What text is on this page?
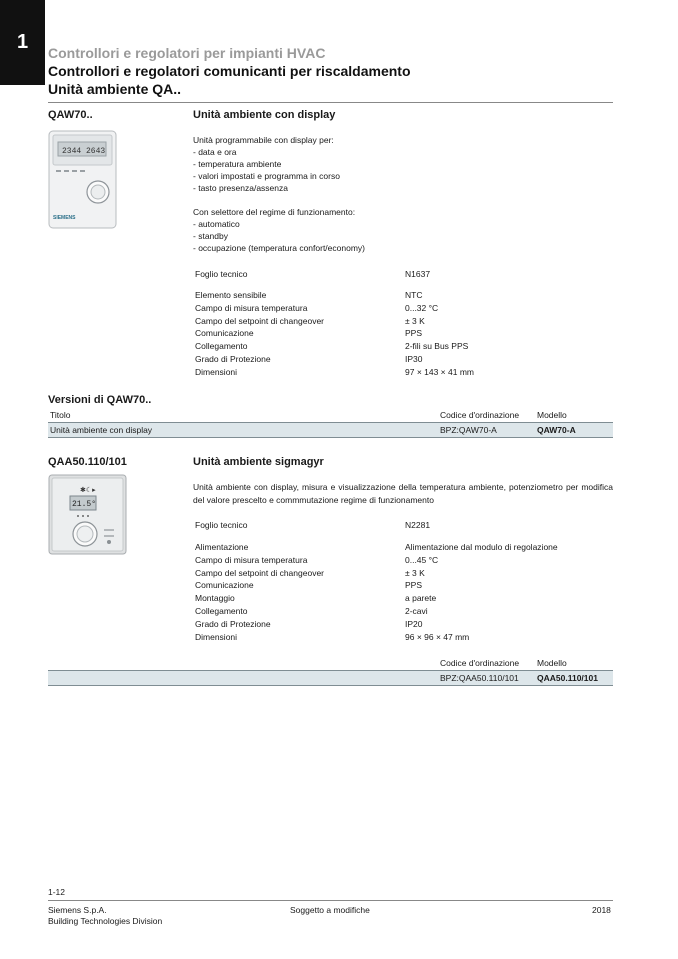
1	Controllori e regolatori per impianti HVAC
Controllori e regolatori comunicanti per riscaldamento
Unità ambiente QA..
QAW70..	Unità ambiente con display
2344 2643
SIEMENS
Unità programmabile con display per:
- data e ora
- temperatura ambiente
- valori impostati e programma in corso
- tasto presenza/assenza
Con selettore del regime di funzionamento:
- automatico
- standby
- occupazione (temperatura confort/economy)
Foglio tecnico	N1637
Elemento sensibile	NTC
Campo di misura temperatura	0...32 °C
Campo del setpoint di changeover	± 3 K
Comunicazione	PPS
Collegamento	2-fili su Bus PPS
Grado di Protezione	IP30
Dimensioni	97 × 143 × 41 mm
Versioni di QAW70..
Titolo	Codice d'ordinazione Modello
Unità ambiente con display	BPZ:QAW70-A	QAW70-A
QAA50.110/101	Unità ambiente sigmagyr
✱☾▸
21.5°
Unità ambiente con display, misura e visualizzazione della temperatura ambiente, potenziometro per modifica del valore prescelto e commmutazione regime di funzionamento
Foglio tecnico	N2281
Alimentazione	Alimentazione dal modulo di regolazione
Campo di misura temperatura	0...45 °C
Campo del setpoint di changeover	± 3 K
Comunicazione	PPS
Montaggio	a parete
Collegamento	2-cavi
Grado di Protezione	IP20
Dimensioni	96 × 96 × 47 mm
Codice d'ordinazione Modello
BPZ:QAA50.110/101 QAA50.110/101
1-12
Siemens S.p.A.
Building Technologies Division
Soggetto a modifiche	2018
